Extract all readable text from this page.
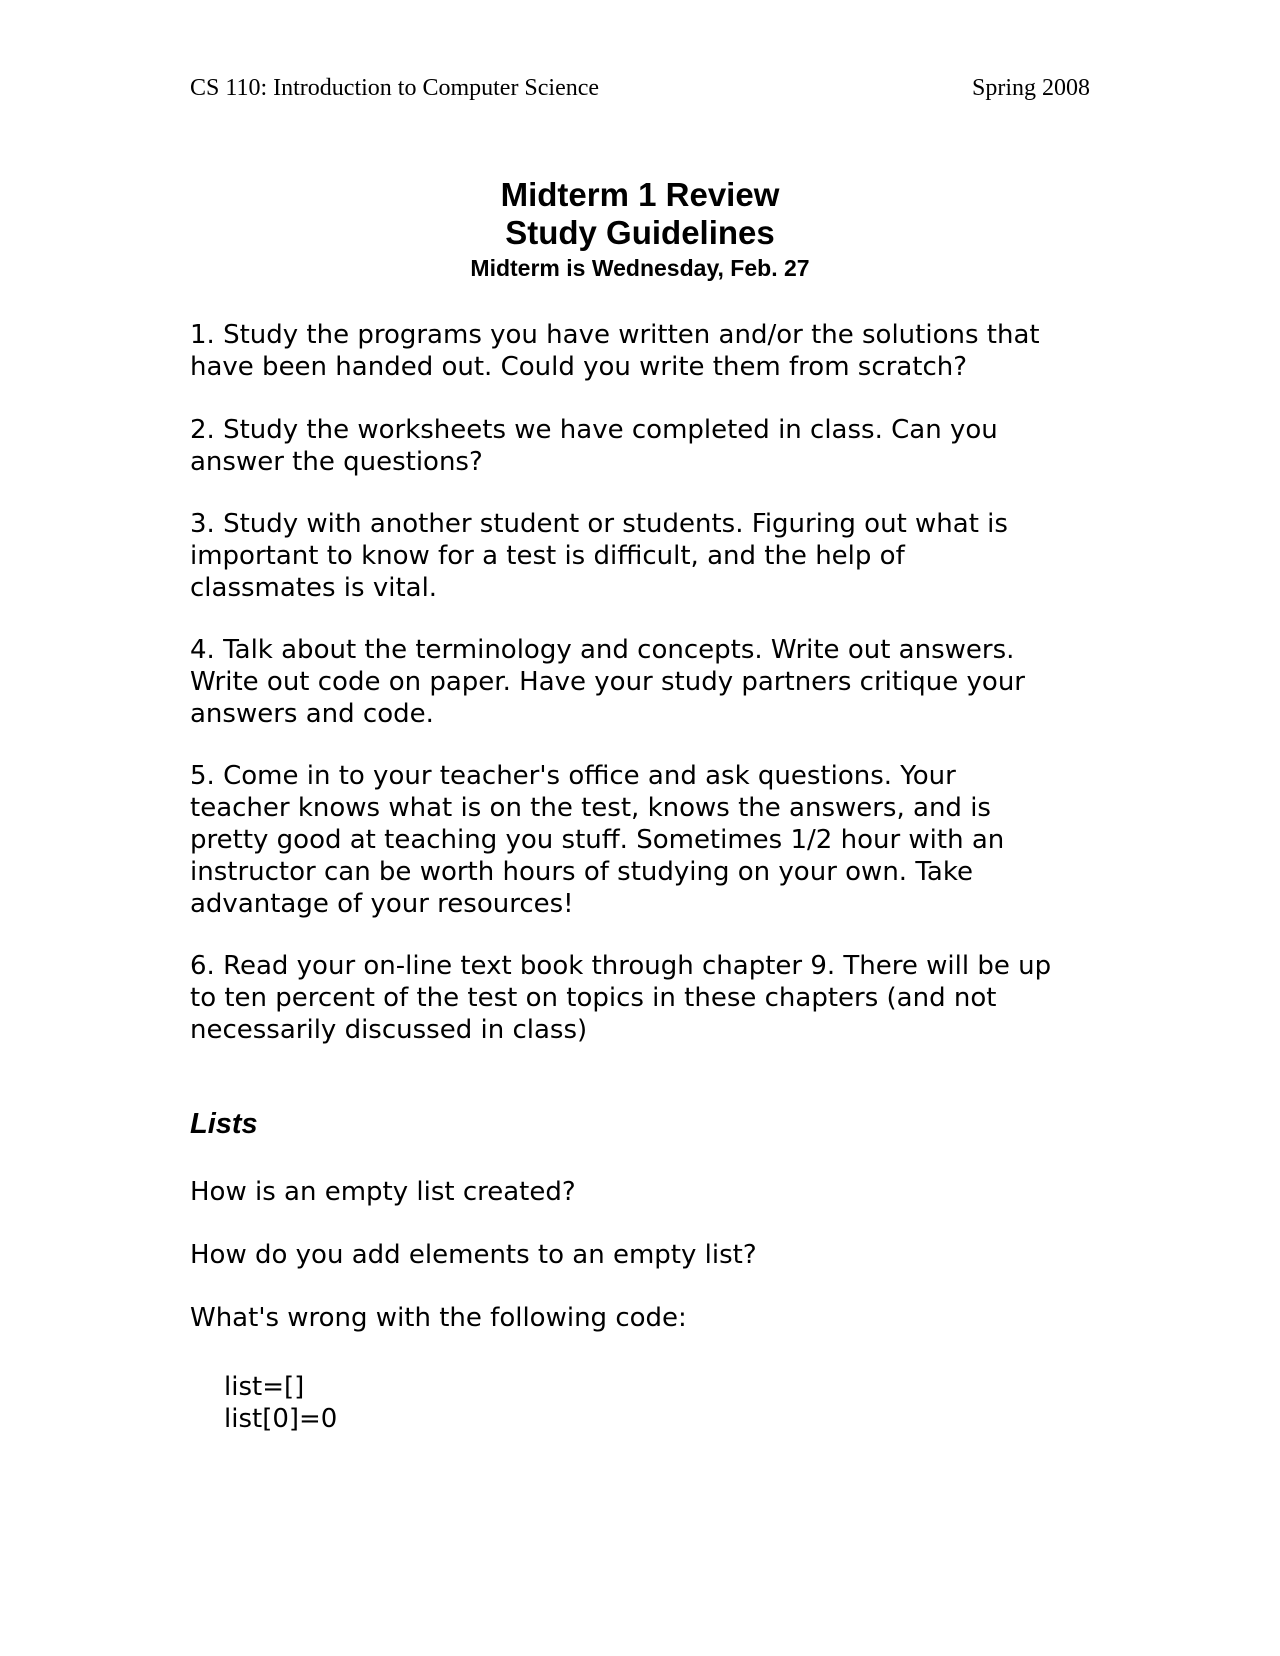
CS 110: Introduction to Computer Science	Spring 2008
Midterm 1 Review
Study Guidelines
Midterm is Wednesday, Feb. 27

1. Study the programs you have written and/or the solutions that
have been handed out. Could you write them from scratch?

2. Study the worksheets we have completed in class. Can you
answer the questions?

3. Study with another student or students. Figuring out what is
important to know for a test is difficult, and the help of
classmates is vital.

4. Talk about the terminology and concepts. Write out answers.
Write out code on paper. Have your study partners critique your
answers and code.

5. Come in to your teacher's office and ask questions. Your
teacher knows what is on the test, knows the answers, and is
pretty good at teaching you stuff. Sometimes 1/2 hour with an
instructor can be worth hours of studying on your own. Take
advantage of your resources!

6. Read your on-line text book through chapter 9. There will be up
to ten percent of the test on topics in these chapters (and not
necessarily discussed in class)

Lists

How is an empty list created?

How do you add elements to an empty list?

What's wrong with the following code:

list=[]
list[0]=0
